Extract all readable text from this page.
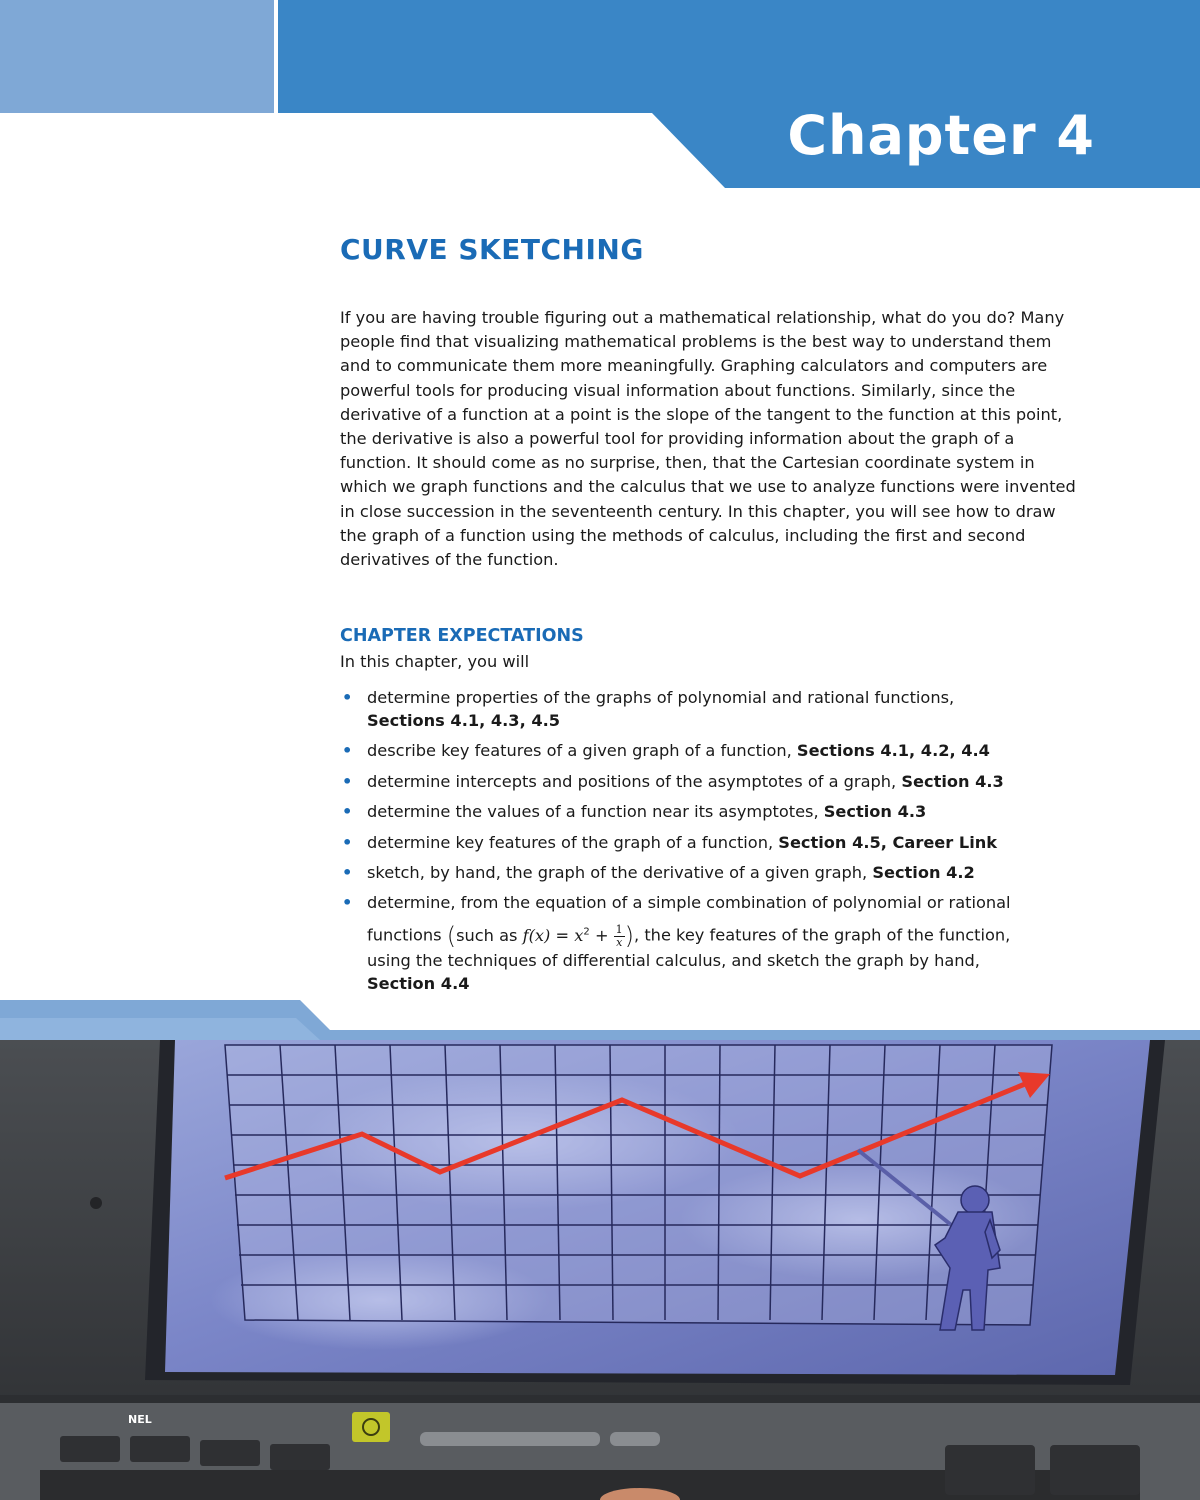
Chapter 4
CURVE SKETCHING

If you are having trouble figuring out a mathematical relationship, what do you do? Many people find that visualizing mathematical problems is the best way to understand them and to communicate them more meaningfully. Graphing calculators and computers are powerful tools for producing visual information about functions. Similarly, since the derivative of a function at a point is the slope of the tangent to the function at this point, the derivative is also a powerful tool for providing information about the graph of a function. It should come as no surprise, then, that the Cartesian coordinate system in which we graph functions and the calculus that we use to analyze functions were invented in close succession in the seventeenth century. In this chapter, you will see how to draw the graph of a function using the methods of calculus, including the first and second derivatives of the function.

CHAPTER EXPECTATIONS

In this chapter, you will

• determine properties of the graphs of polynomial and rational functions,
Sections 4.1, 4.3, 4.5
• describe key features of a given graph of a function, Sections 4.1, 4.2, 4.4
• determine intercepts and positions of the asymptotes of a graph, Section 4.3
• determine the values of a function near its asymptotes, Section 4.3
• determine key features of the graph of a function, Section 4.5, Career Link
• sketch, by hand, the graph of the derivative of a given graph, Section 4.2
• determine, from the equation of a simple combination of polynomial or rational
functions (such as $f(x) = x^2 + \frac{1}{x}$ ), the key features of the graph of the function,
using the techniques of differential calculus, and sketch the graph by hand,
Section 4.4
NEL
